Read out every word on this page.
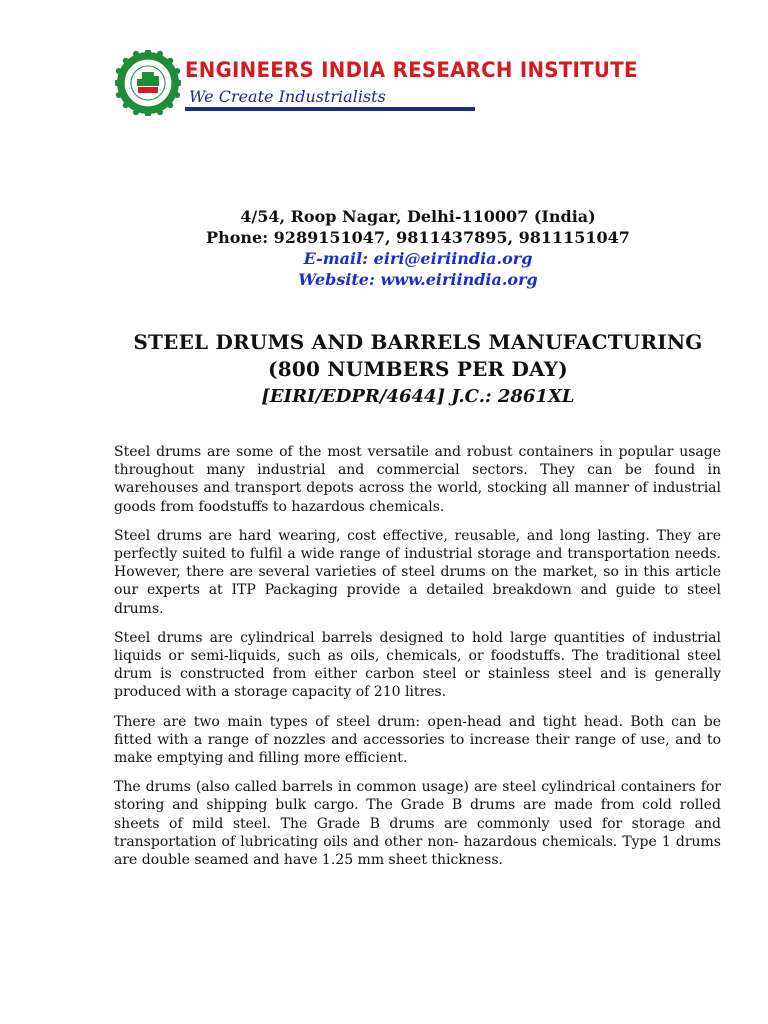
ENGINEERS INDIA RESEARCH INSTITUTE

We Create Industrialists

4/54, Roop Nagar, Delhi-110007 (India)

Phone: 9289151047, 9811437895, 9811151047

E-mail: eiri@eiriindia.org

Website: www.eiriindia.org

STEEL DRUMS AND BARRELS MANUFACTURING
(800 NUMBERS PER DAY)

[EIRI/EDPR/4644] J.C.: 2861XL

Steel drums are some of the most versatile and robust containers in popular usage throughout many industrial and commercial sectors. They can be found in warehouses and transport depots across the world, stocking all manner of industrial goods from foodstuffs to hazardous chemicals.

Steel drums are hard wearing, cost effective, reusable, and long lasting. They are perfectly suited to fulfil a wide range of industrial storage and transportation needs. However, there are several varieties of steel drums on the market, so in this article our experts at ITP Packaging provide a detailed breakdown and guide to steel drums.

Steel drums are cylindrical barrels designed to hold large quantities of industrial liquids or semi-liquids, such as oils, chemicals, or foodstuffs. The traditional steel drum is constructed from either carbon steel or stainless steel and is generally produced with a storage capacity of 210 litres.

There are two main types of steel drum: open-head and tight head. Both can be fitted with a range of nozzles and accessories to increase their range of use, and to make emptying and filling more efficient.

The drums (also called barrels in common usage) are steel cylindrical containers for storing and shipping bulk cargo. The Grade B drums are made from cold rolled sheets of mild steel. The Grade B drums are commonly used for storage and transportation of lubricating oils and other non- hazardous chemicals. Type 1 drums are double seamed and have 1.25 mm sheet thickness.
